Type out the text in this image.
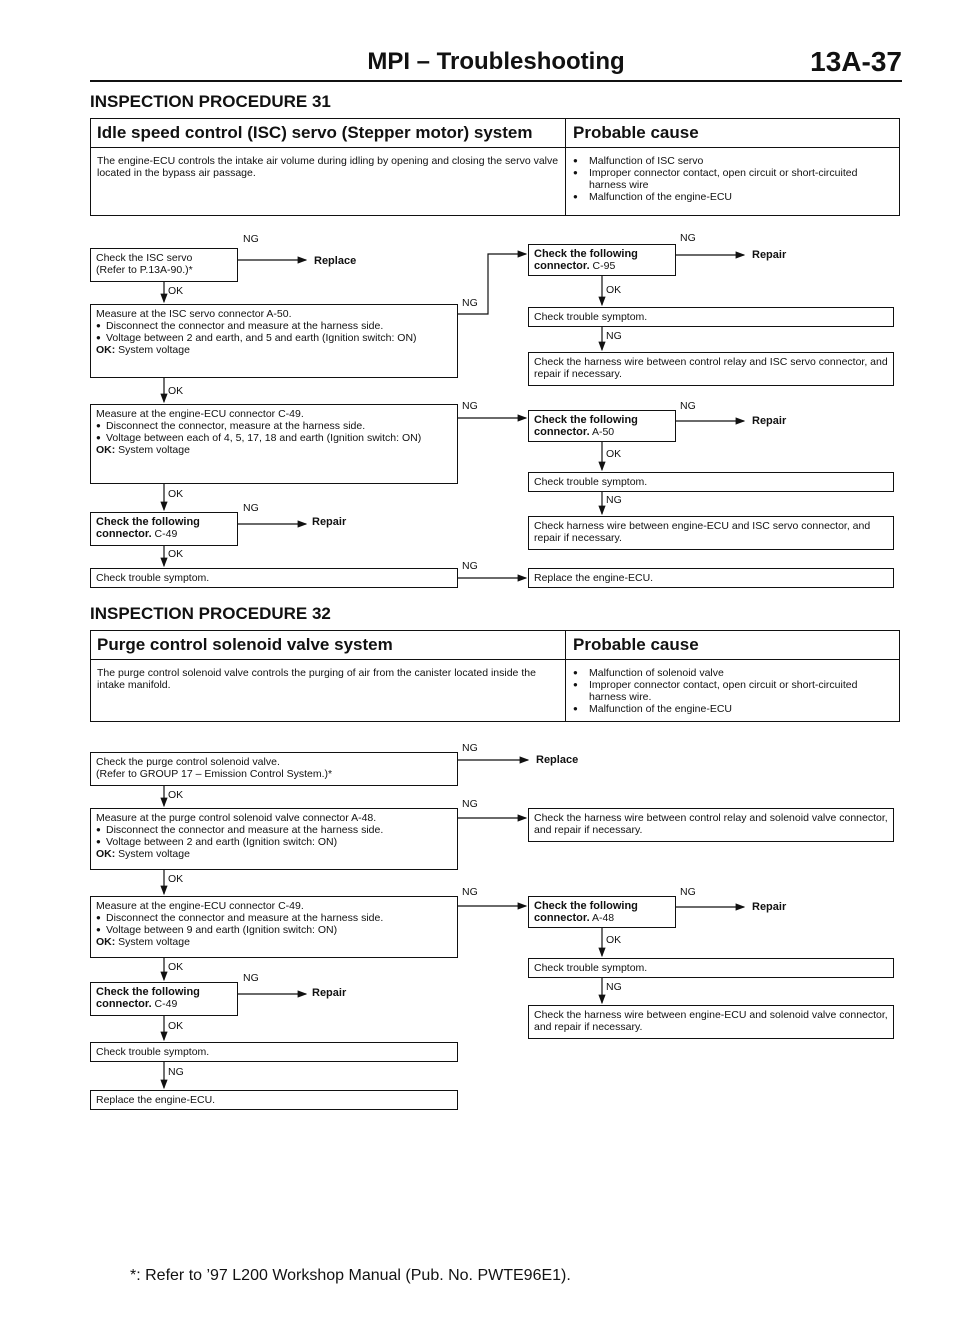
MPI – Troubleshooting	13A-37
INSPECTION PROCEDURE 31
Idle speed control (ISC) servo (Stepper motor) system Probable cause
The engine-ECU controls the intake air volume during idling by opening and closing the servo valve located in the bypass air passage.
● Malfunction of ISC servo
● Improper connector contact, open circuit or short-circuited harness wire
● Malfunction of the engine-ECU
Check the ISC servo
(Refer to P.13A-90.)*
Replace
Measure at the ISC servo connector A-50.
● Disconnect the connector and measure at the harness side.
● Voltage between 2 and earth, and 5 and earth (Ignition switch: ON)
OK: System voltage
Measure at the engine-ECU connector C-49.
● Disconnect the connector, measure at the harness side.
● Voltage between each of 4, 5, 17, 18 and earth (Ignition switch: ON)
OK: System voltage
Check the following connector. C-49
Repair
Check trouble symptom.
Check the following connector. C-95
Repair
Check trouble symptom.
Check the harness wire between control relay and ISC servo connector, and repair if necessary.
Check the following connector. A-50
Repair
Check trouble symptom.
Check harness wire between engine-ECU and ISC servo connector, and repair if necessary.
Replace the engine-ECU.
NG
OK
NG
OK
NG
OK
NG
OK
NG
NG
OK
NG
NG
OK
NG
INSPECTION PROCEDURE 32
Purge control solenoid valve system	Probable cause
The purge control solenoid valve controls the purging of air from the canister located inside the intake manifold.
● Malfunction of solenoid valve
● Improper connector contact, open circuit or short-circuited harness wire.
● Malfunction of the engine-ECU
Check the purge control solenoid valve.
(Refer to GROUP 17 – Emission Control System.)*
Replace
Measure at the purge control solenoid valve connector A-48.
● Disconnect the connector and measure at the harness side.
● Voltage between 2 and earth (Ignition switch: ON)
OK: System voltage
Measure at the engine-ECU connector C-49.
● Disconnect the connector and measure at the harness side.
● Voltage between 9 and earth (Ignition switch: ON)
OK: System voltage
Check the following connector. C-49
Repair
Check trouble symptom.
Replace the engine-ECU.
Check the harness wire between control relay and solenoid valve connector, and repair if necessary.
Check the following connector. A-48
Repair
Check trouble symptom.
Check the harness wire between engine-ECU and solenoid valve connector, and repair if necessary.
NG
OK
NG
OK
NG
OK
NG
OK
NG
NG
OK
NG
*: Refer to ’97 L200 Workshop Manual (Pub. No. PWTE96E1).
